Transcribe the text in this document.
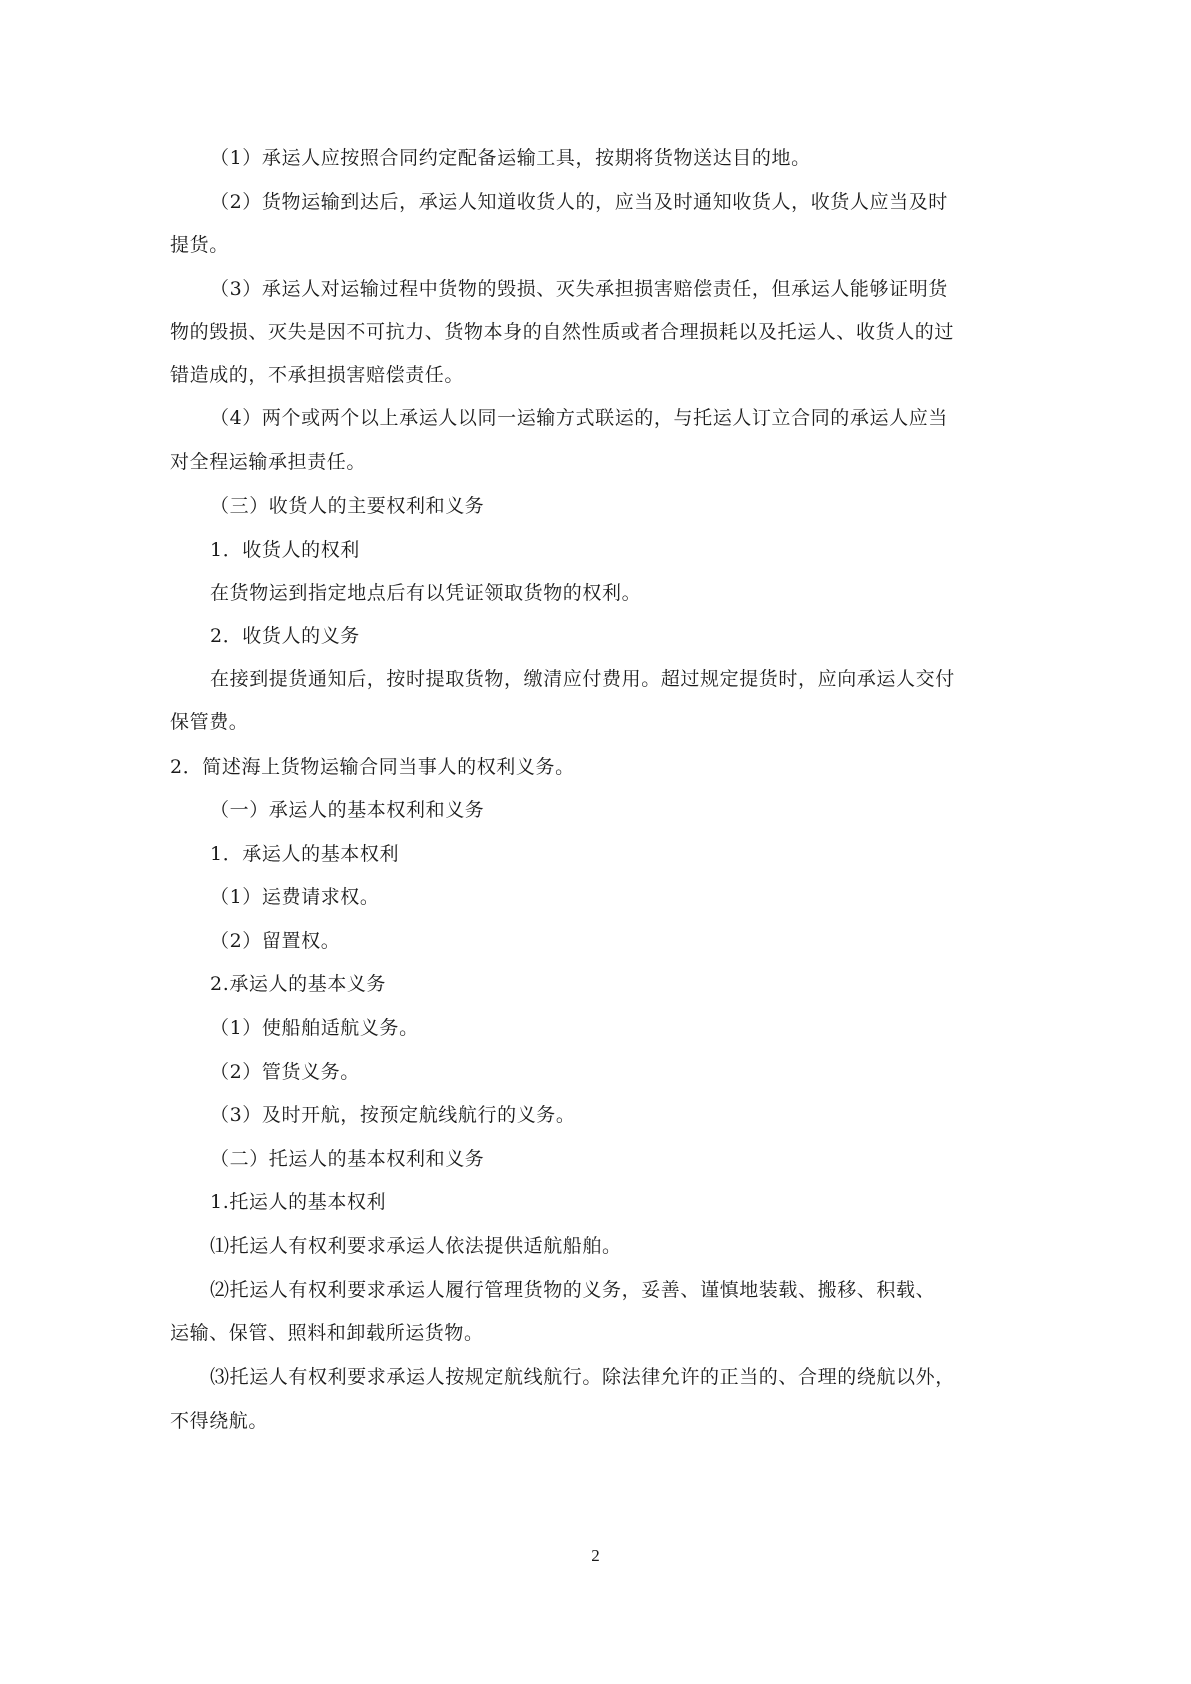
（1）承运人应按照合同约定配备运输工具，按期将货物送达目的地。
（2）货物运输到达后，承运人知道收货人的，应当及时通知收货人，收货人应当及时
提货。
（3）承运人对运输过程中货物的毁损、灭失承担损害赔偿责任，但承运人能够证明货
物的毁损、灭失是因不可抗力、货物本身的自然性质或者合理损耗以及托运人、收货人的过
错造成的，不承担损害赔偿责任。
（4）两个或两个以上承运人以同一运输方式联运的，与托运人订立合同的承运人应当
对全程运输承担责任。
（三）收货人的主要权利和义务
1．收货人的权利
在货物运到指定地点后有以凭证领取货物的权利。
2．收货人的义务
在接到提货通知后，按时提取货物，缴清应付费用。超过规定提货时，应向承运人交付
保管费。
2．简述海上货物运输合同当事人的权利义务。
（一）承运人的基本权利和义务
1．承运人的基本权利
（1）运费请求权。
（2）留置权。
2.承运人的基本义务
（1）使船舶适航义务。
（2）管货义务。
（3）及时开航，按预定航线航行的义务。
（二）托运人的基本权利和义务
1.托运人的基本权利
⑴托运人有权利要求承运人依法提供适航船舶。
⑵托运人有权利要求承运人履行管理货物的义务，妥善、谨慎地装载、搬移、积载、
运输、保管、照料和卸载所运货物。
⑶托运人有权利要求承运人按规定航线航行。除法律允许的正当的、合理的绕航以外，
不得绕航。
2
